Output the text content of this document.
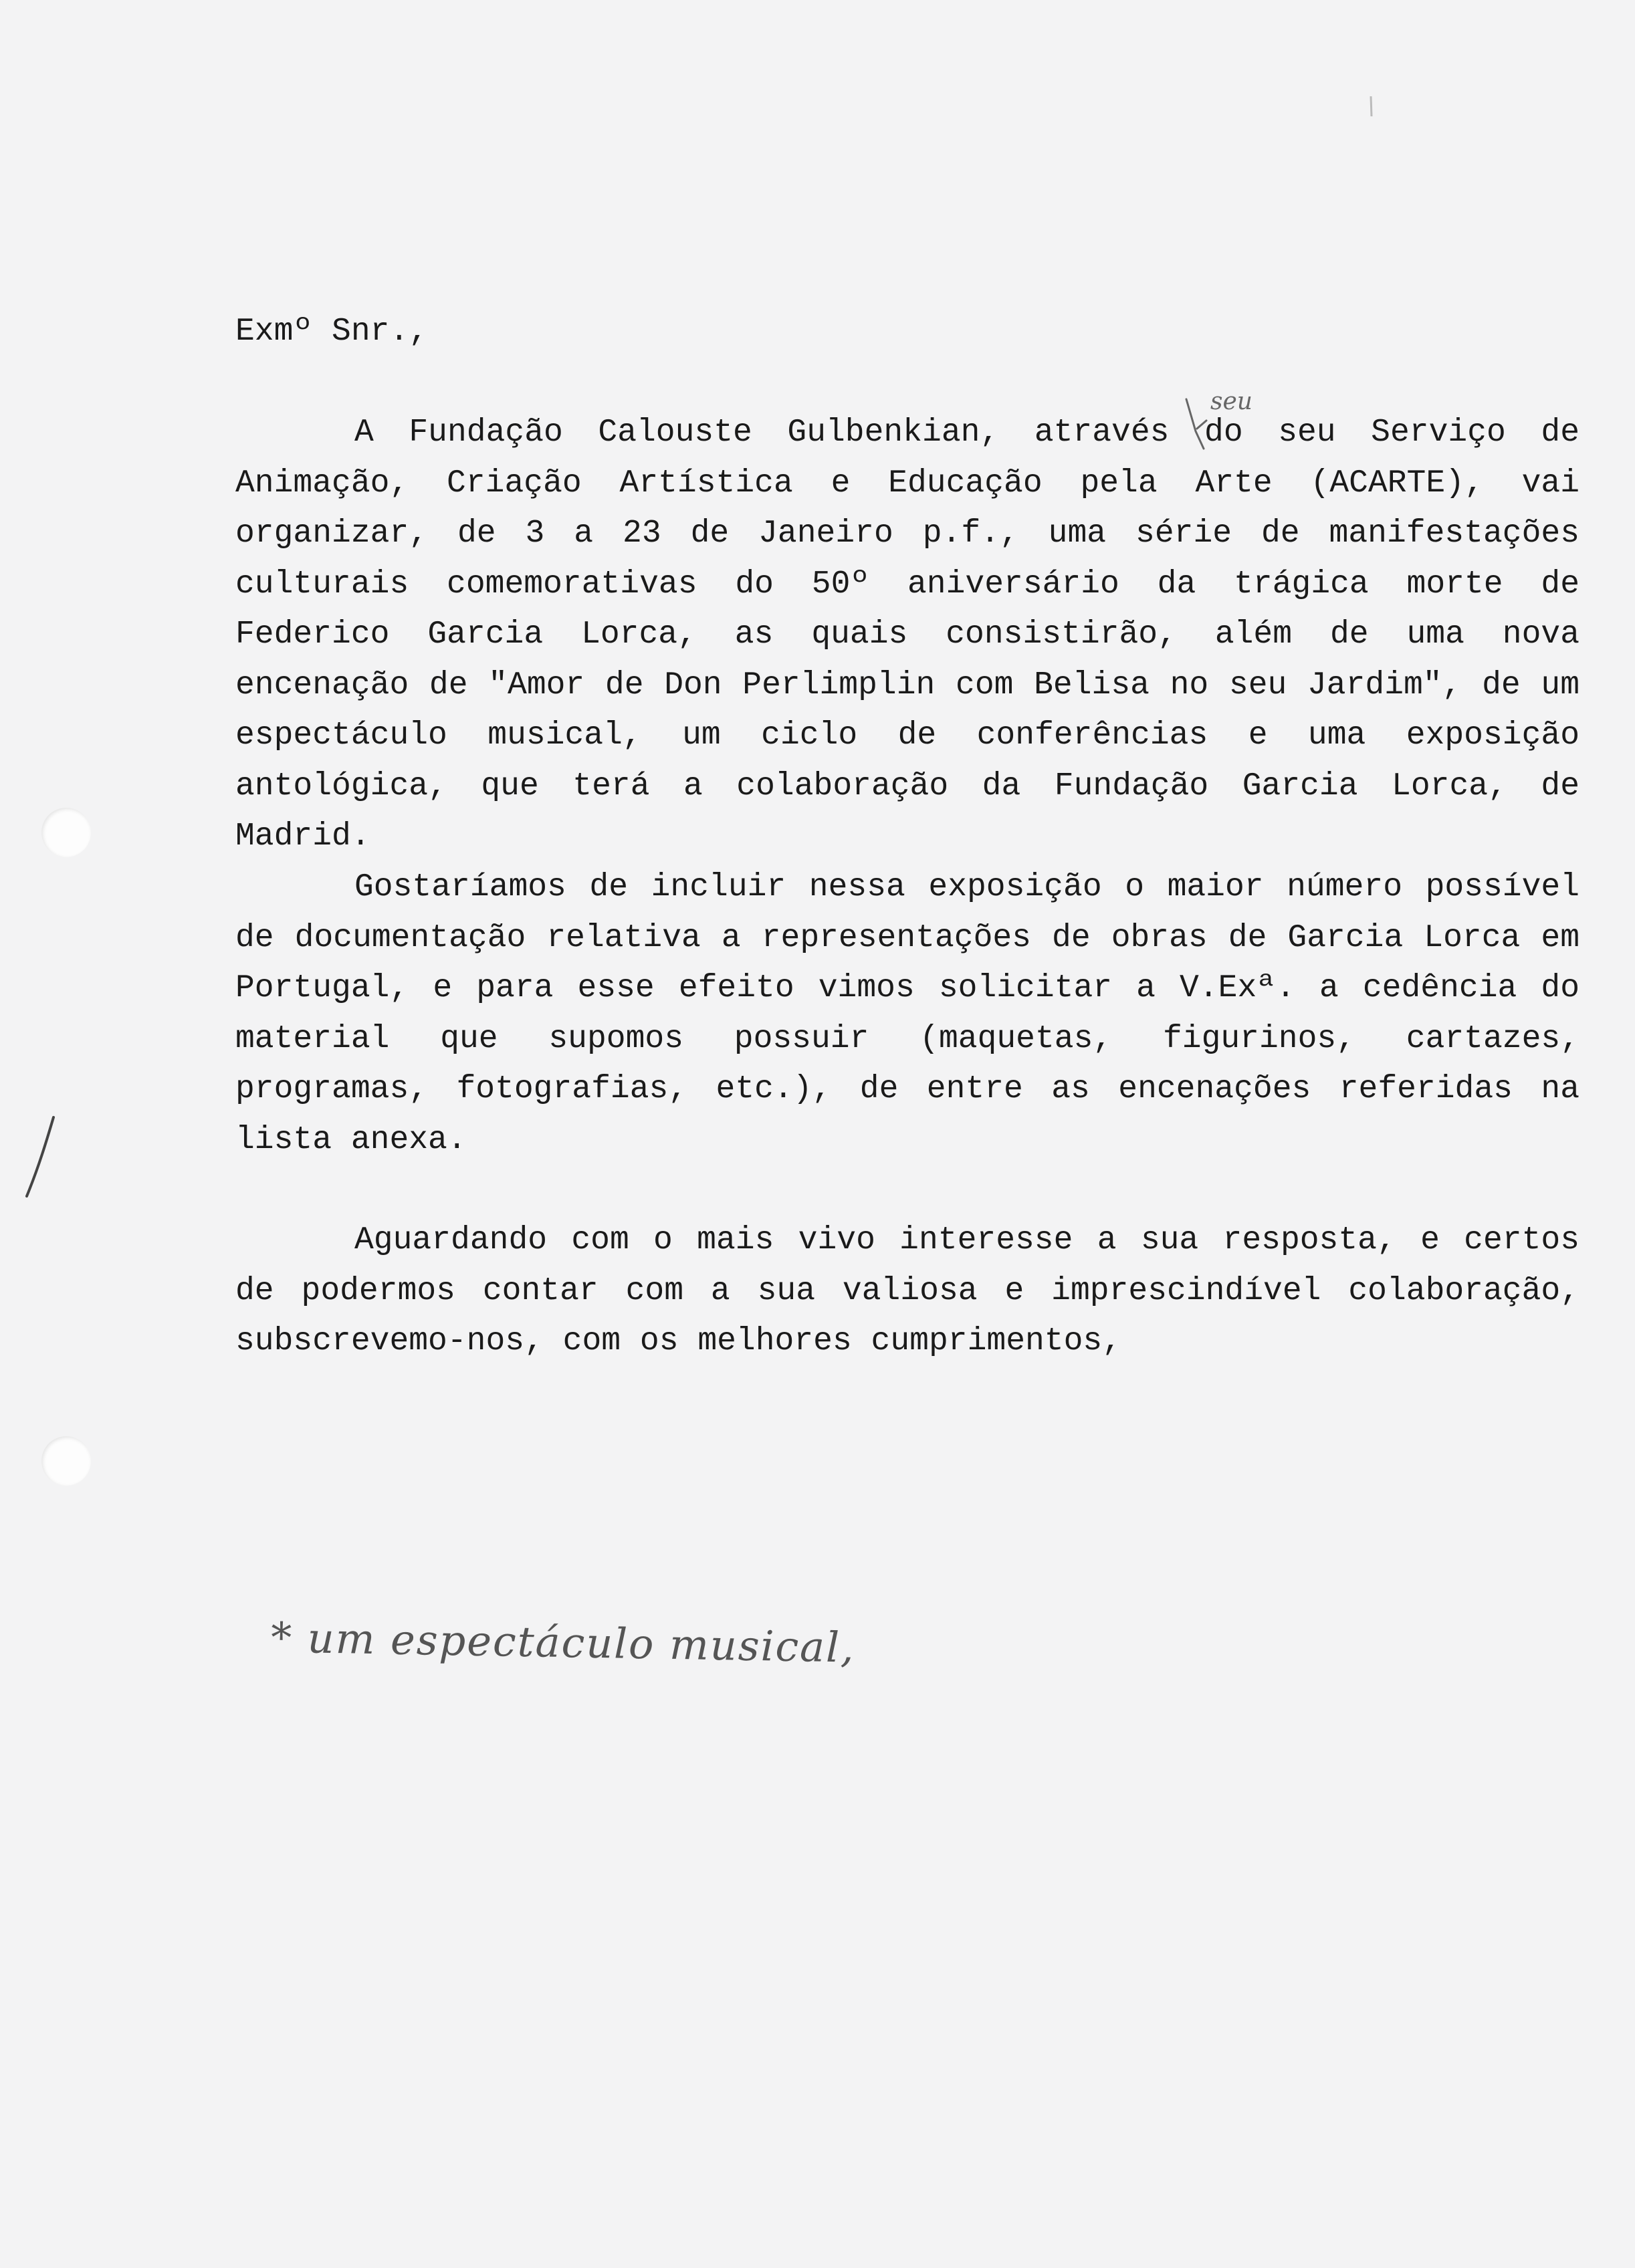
Exmº Snr.,

A Fundação Calouste Gulbenkian, através do seu Serviço de Animação, Criação Artística e Educação pela Arte (ACARTE), vai organizar, de 3 a 23 de Janeiro p.f., uma série de manifestações culturais comemorativas do 50º aniversário da trágica morte de Federico Garcia Lorca, as quais consistirão, além de uma nova encenação de "Amor de Don Perlimplin com Belisa no seu Jardim", de um espectáculo musical, um ciclo de conferências e uma exposição antológica, que terá a colaboração da Fundação Garcia Lorca, de Madrid.

Gostaríamos de incluir nessa exposição o maior número possível de documentação relativa a representações de obras de Garcia Lorca em Portugal, e para esse efeito vimos solicitar a V.Exª. a cedência do material que supomos possuir (maquetas, figurinos, cartazes, programas, fotografias, etc.), de entre as encenações referidas na lista anexa.

Aguardando com o mais vivo interesse a sua resposta, e certos de podermos contar com a sua valiosa e imprescindível colaboração, subscrevemo-nos, com os melhores cumprimentos,

seu
* um espectáculo musical,
